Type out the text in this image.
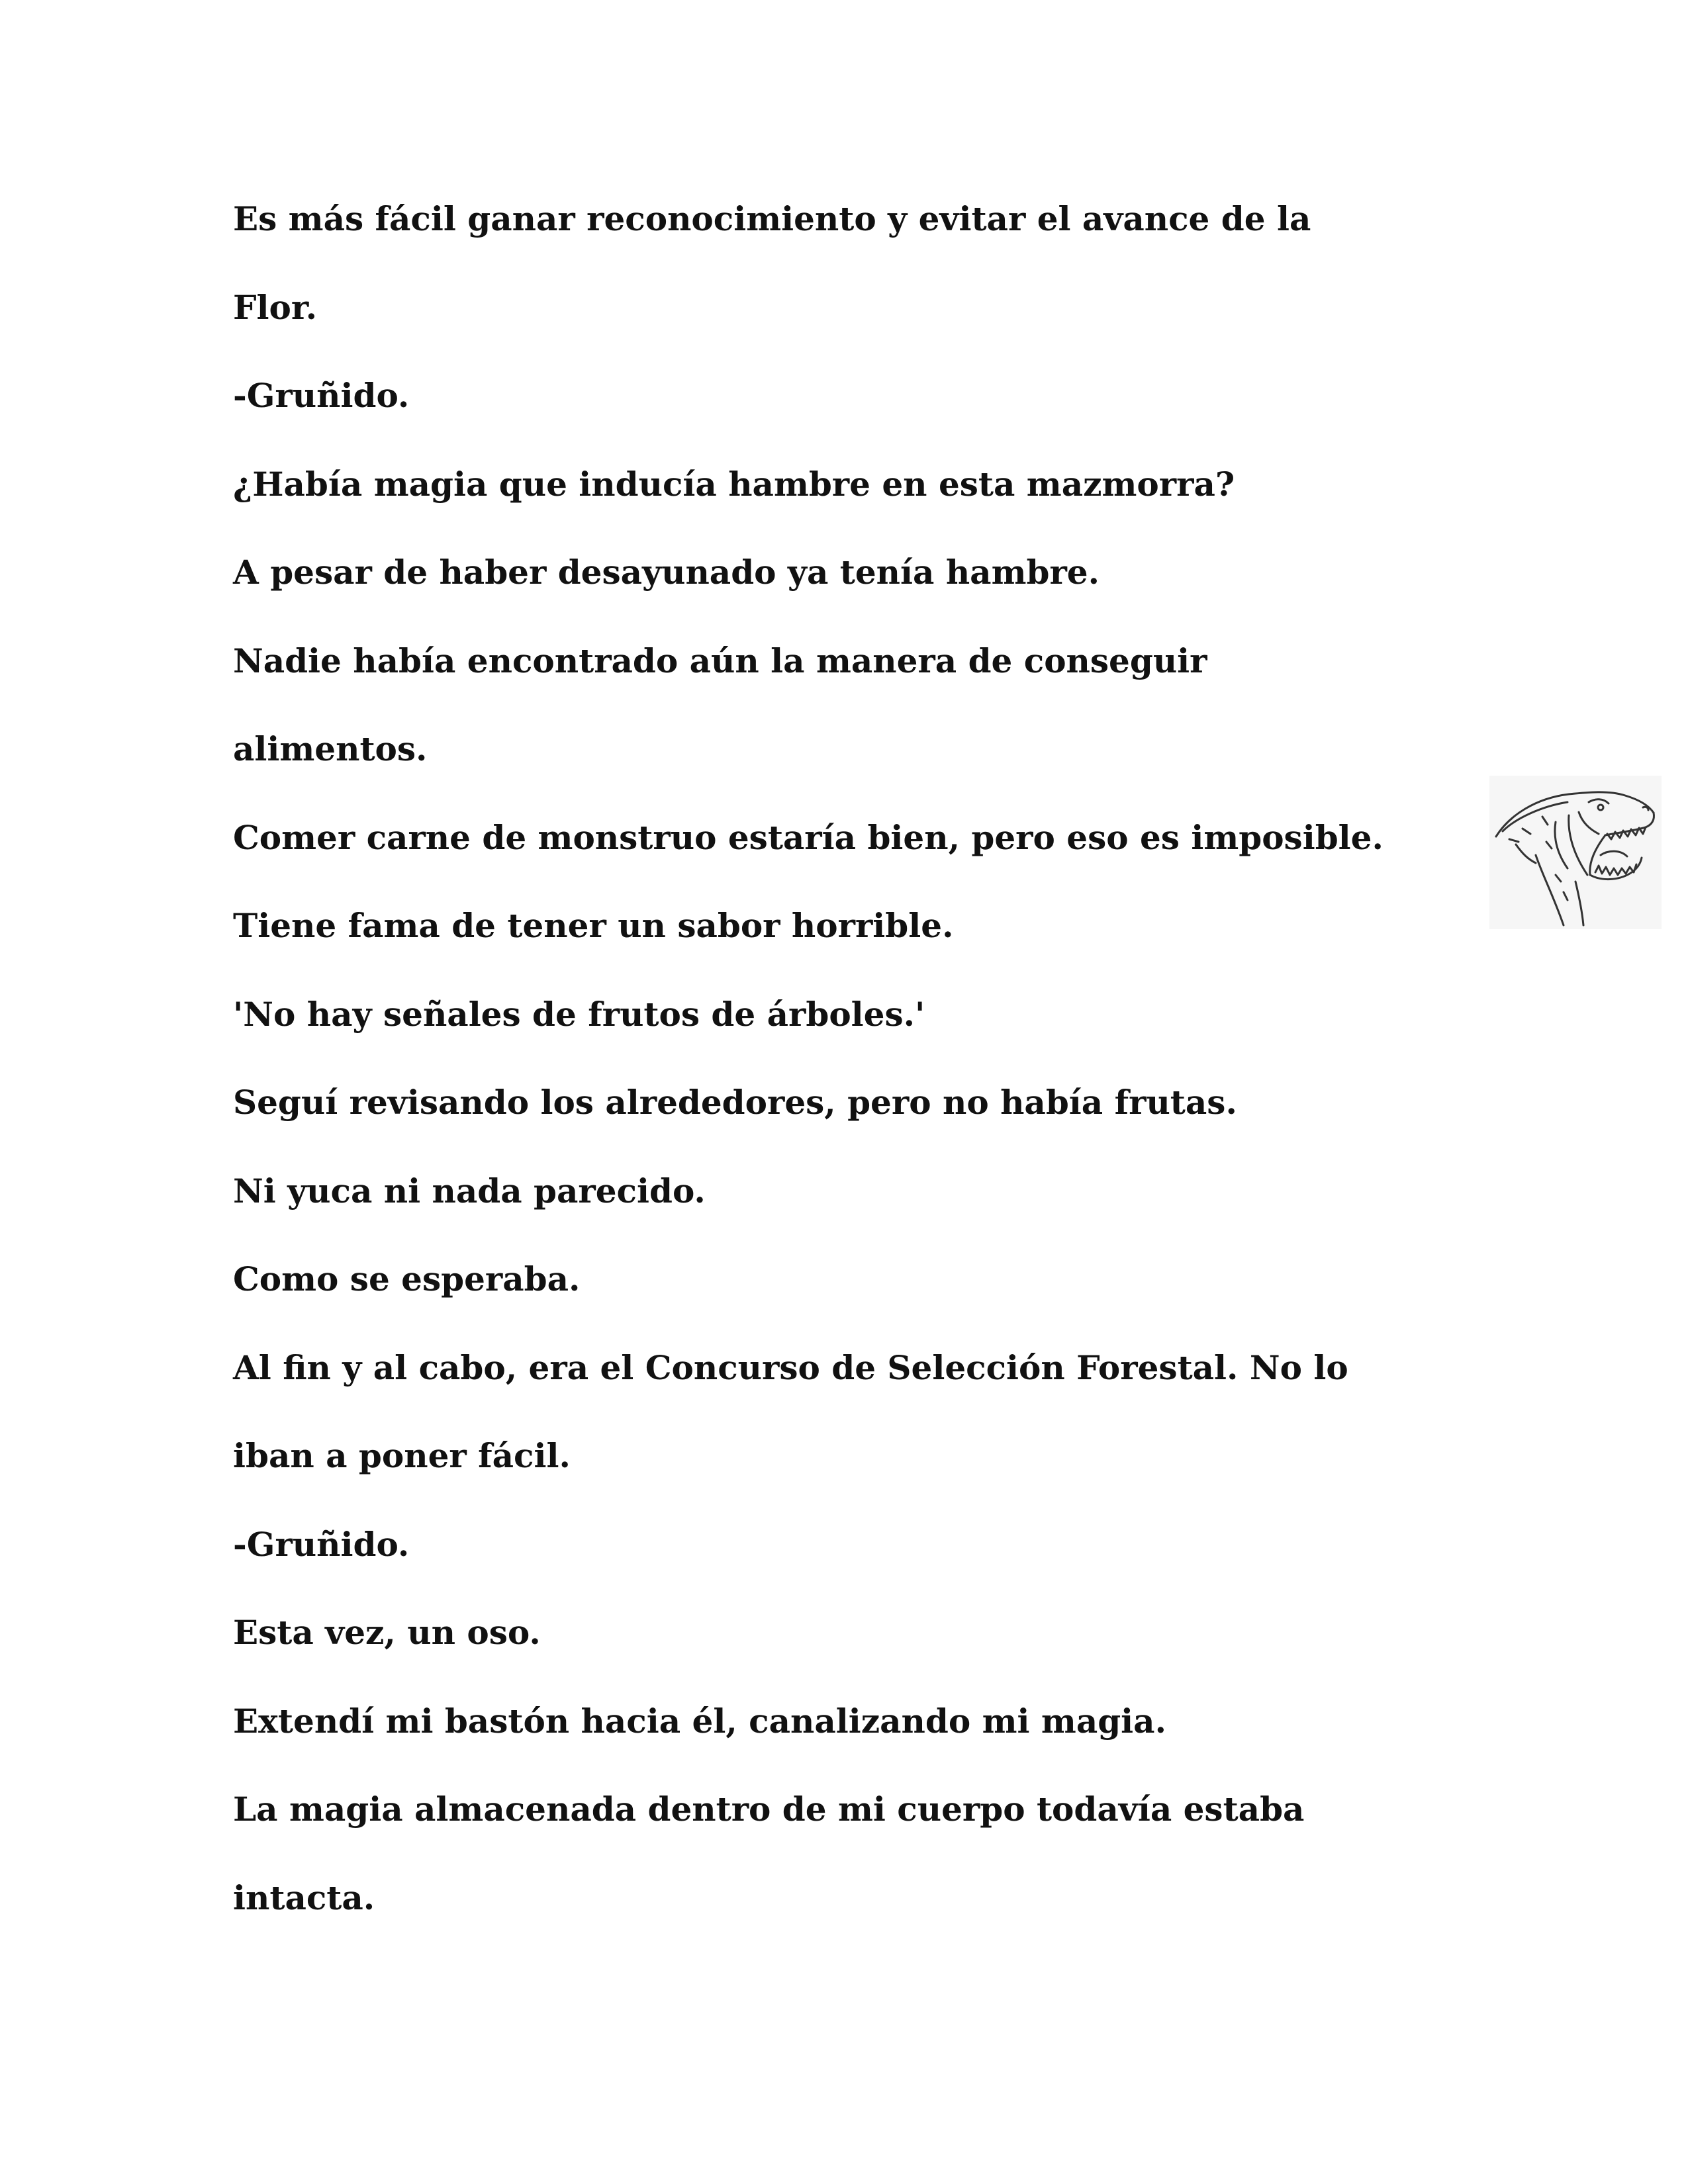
Es más fácil ganar reconocimiento y evitar el avance de la
Flor.
-Gruñido.
¿Había magia que inducía hambre en esta mazmorra?
A pesar de haber desayunado ya tenía hambre.
Nadie había encontrado aún la manera de conseguir
alimentos.
Comer carne de monstruo estaría bien, pero eso es imposible.
Tiene fama de tener un sabor horrible.
'No hay señales de frutos de árboles.'
Seguí revisando los alrededores, pero no había frutas.
Ni yuca ni nada parecido.
Como se esperaba.
Al fin y al cabo, era el Concurso de Selección Forestal. No lo
iban a poner fácil.
-Gruñido.
Esta vez, un oso.
Extendí mi bastón hacia él, canalizando mi magia.
La magia almacenada dentro de mi cuerpo todavía estaba
intacta.
